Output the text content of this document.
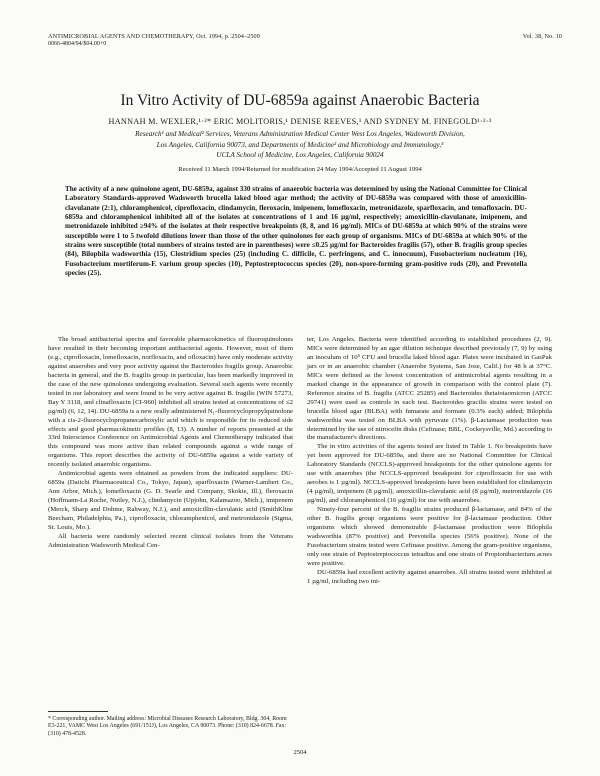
ANTIMICROBIAL AGENTS AND CHEMOTHERAPY, Oct. 1994, p. 2504–2509	Vol. 38, No. 10
0066-4804/94/$04.00+0
In Vitro Activity of DU-6859a against Anaerobic Bacteria
HANNAH M. WEXLER,¹·²* ERIC MOLITORIS,¹ DENISE REEVES,¹ AND SYDNEY M. FINEGOLD¹·²·³
Research¹ and Medical² Services, Veterans Administration Medical Center West Los Angeles, Wadsworth Division,
Los Angeles, California 90073, and Departments of Medicine² and Microbiology and Immunology,³
UCLA School of Medicine, Los Angeles, California 90024
Received 11 March 1994/Returned for modification 24 May 1994/Accepted 11 August 1994
The activity of a new quinolone agent, DU-6859a, against 330 strains of anaerobic bacteria was determined by using the National Committee for Clinical Laboratory Standards-approved Wadsworth brucella laked blood agar method; the activity of DU-6859a was compared with those of amoxicillin-clavulanate (2:1), chloramphenicol, ciprofloxacin, clindamycin, fleroxacin, imipenem, lomefloxacin, metronidazole, sparfloxacin, and temafloxacin. DU-6859a and chloramphenicol inhibited all of the isolates at concentrations of 1 and 16 µg/ml, respectively; amoxicillin-clavulanate, imipenem, and metronidazole inhibited ≥94% of the isolates at their respective breakpoints (8, 8, and 16 µg/ml). MICs of DU-6859a at which 90% of the strains were susceptible were 1 to 5 twofold dilutions lower than those of the other quinolones for each group of organisms. MICs of DU-6859a at which 90% of the strains were susceptible (total numbers of strains tested are in parentheses) were ≤0.25 µg/ml for Bacteroides fragilis (57), other B. fragilis group species (84), Bilophila wadsworthia (15), Clostridium species (25) (including C. difficile, C. perfringens, and C. innocuum), Fusobacterium nucleatum (16), Fusobacterium mortiferum-F. varium group species (10), Peptostreptococcus species (20), non-spore-forming gram-positive rods (20), and Prevotella species (25).

The broad antibacterial spectra and favorable pharmacokinetics of fluoroquinolones have resulted in their becoming important antibacterial agents. However, most of them (e.g., ciprofloxacin, lomefloxacin, norfloxacin, and ofloxacin) have only moderate activity against anaerobes and very poor activity against the Bacteroides fragilis group. Anaerobic bacteria in general, and the B. fragilis group in particular, has been markedly improved in the case of the new quinolones undergoing evaluation. Several such agents were recently tested in our laboratory and were found to be very active against B. fragilis (WIN 57273, Bay Y 3118, and clinafloxacin [CI-960] inhibited all strains tested at concentrations of ≤2 µg/ml) (6, 12, 14). DU-6859a is a new orally administered N₁-fluorocyclopropylquinolone with a cis-2-fluorocyclopropanecarboxylic acid which is responsible for its reduced side effects and good pharmacokinetic profiles (8, 13). A number of reports presented at the 33rd Interscience Conference on Antimicrobial Agents and Chemotherapy indicated that this compound was more active than related compounds against a wide range of organisms. This report describes the activity of DU-6859a against a wide variety of recently isolated anaerobic organisms.

Antimicrobial agents were obtained as powders from the indicated suppliers: DU-6859a (Daiichi Pharmaceutical Co., Tokyo, Japan), sparfloxacin (Warner-Lambert Co., Ann Arbor, Mich.), lomefloxacin (G. D. Searle and Company, Skokie, Ill.), fleroxacin (Hoffmann-La Roche, Nutley, N.J.), clindamycin (Upjohn, Kalamazoo, Mich.), imipenem (Merck, Sharp and Dohme, Rahway, N.J.), and amoxicillin-clavulanic acid (SmithKline Beecham, Philadelphia, Pa.), ciprofloxacin, chloramphenicol, and metronidazole (Sigma, St. Louis, Mo.).

All bacteria were randomly selected recent clinical isolates from the Veterans Administration Wadsworth Medical Cen-

ter, Los Angeles. Bacteria were identified according to established procedures (2, 9). MICs were determined by an agar dilution technique described previously (7, 9) by using an inoculum of 10⁵ CFU and brucella laked blood agar. Plates were incubated in GasPak jars or in an anaerobic chamber (Anaerobe Systems, San Jose, Calif.) for 48 h at 37°C. MICs were defined as the lowest concentration of antimicrobial agents resulting in a marked change in the appearance of growth in comparison with the control plate (7). Reference strains of B. fragilis (ATCC 25285) and Bacteroides thetaiotaomicron (ATCC 29741) were used as controls in each test. Bacteroides gracilis strains were tested on brucella blood agar (BLBA) with fumarate and formate (0.3% each) added; Bilophila wadsworthia was tested on BLBA with pyruvate (1%). β-Lactamase production was determined by the use of nitrocefin disks (Cefinase; BBL, Cockeysville, Md.) according to the manufacturer's directions.

The in vitro activities of the agents tested are listed in Table 1. No breakpoints have yet been approved for DU-6859a, and there are no National Committee for Clinical Laboratory Standards (NCCLS)-approved breakpoints for the other quinolone agents for use with anaerobes (the NCCLS-approved breakpoint for ciprofloxacin for use with aerobes is 1 µg/ml). NCCLS-approved breakpoints have been established for clindamycin (4 µg/ml), imipenem (8 µg/ml), amoxicillin-clavulanic acid (8 µg/ml), metronidazole (16 µg/ml), and chloramphenicol (16 µg/ml) for use with anaerobes.

Ninety-four percent of the B. fragilis strains produced β-lactamase, and 84% of the other B. fragilis group organisms were positive for β-lactamase production. Other organisms which showed demonstrable β-lactamase production were Bilophila wadsworthia (87% positive) and Prevotella species (56% positive). None of the Fusobacterium strains tested were Cefinase positive. Among the gram-positive organisms, only one strain of Peptostreptococcus tetradius and one strain of Propionibacterium acnes were positive.

DU-6859a had excellent activity against anaerobes. All strains tested were inhibited at 1 µg/ml, including two ini-

* Corresponding author. Mailing address: Microbial Diseases Research Laboratory, Bldg. 304, Room E3-221, VAMC West Los Angeles (691/151J), Los Angeles, CA 90073. Phone: (310) 824-6678. Fax: (310) 478-4528.
2504
